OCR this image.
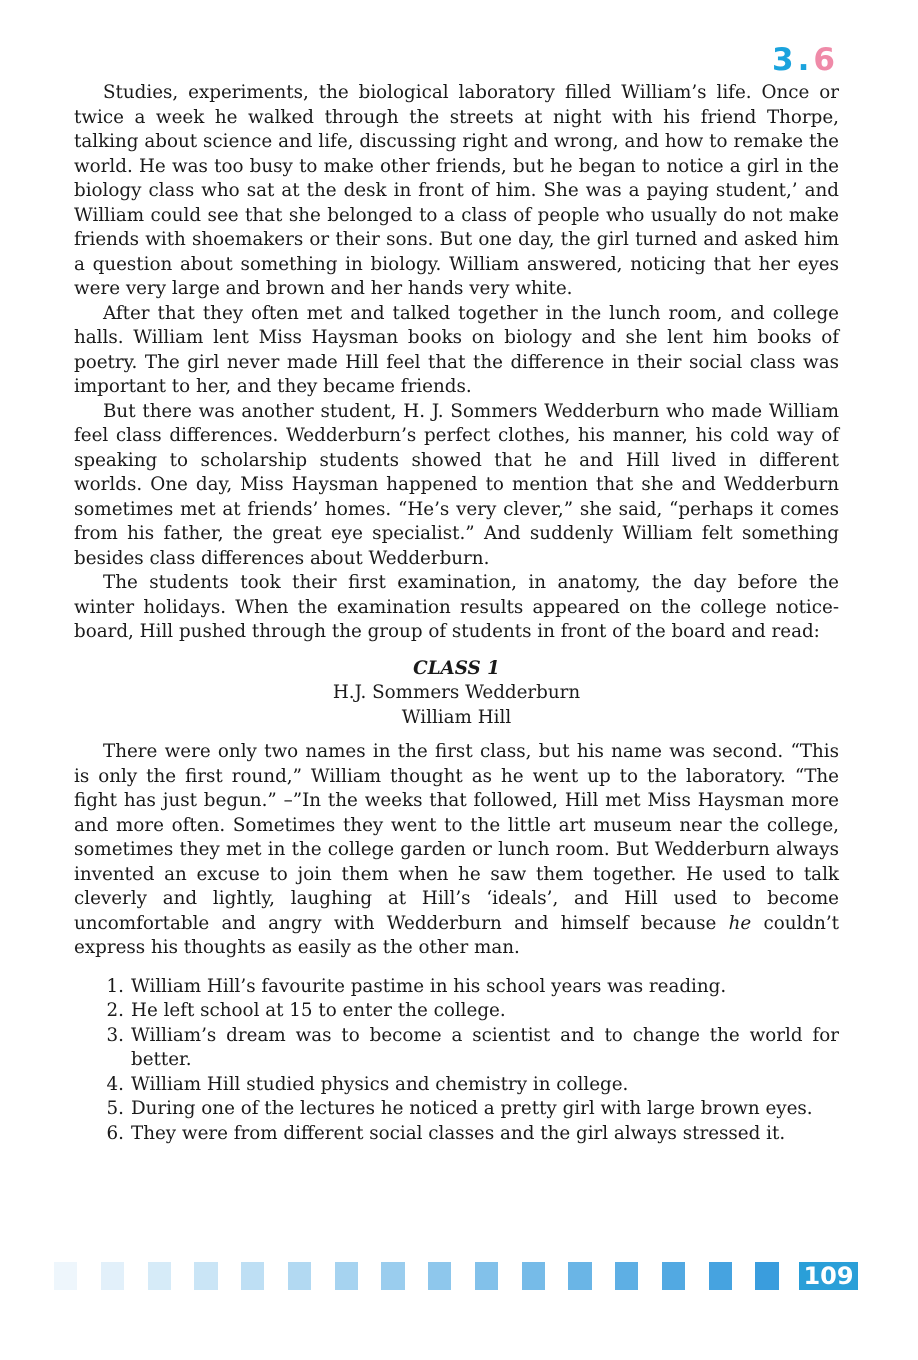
3.6

Studies, experiments, the biological laboratory filled William’s life. Once or twice a week he walked through the streets at night with his friend Thorpe, talking about science and life, discussing right and wrong, and how to remake the world. He was too busy to make other friends, but he began to notice a girl in the biology class who sat at the desk in front of him. She was a paying student,’ and William could see that she belonged to a class of people who usually do not make friends with shoemakers or their sons. But one day, the girl turned and asked him a question about something in biology. William answered, noticing that her eyes were very large and brown and her hands very white.

After that they often met and talked together in the lunch room, and college halls. William lent Miss Haysman books on biology and she lent him books of poetry. The girl never made Hill feel that the difference in their social class was important to her, and they became friends.

But there was another student, H. J. Sommers Wedderburn who made William feel class differences. Wedderburn’s perfect clothes, his manner, his cold way of speaking to scholarship students showed that he and Hill lived in different worlds. One day, Miss Haysman happened to mention that she and Wedderburn sometimes met at friends’ homes. “He’s very clever,” she said, “perhaps it comes from his father, the great eye specialist.” And suddenly William felt something besides class differences about Wedderburn.

The students took their first examination, in anatomy, the day before the winter holidays. When the examination results appeared on the college notice-board, Hill pushed through the group of students in front of the board and read:

CLASS 1
H.J. Sommers Wedderburn
William Hill

There were only two names in the first class, but his name was second. “This is only the first round,” William thought as he went up to the laboratory. “The fight has just begun.” –”In the weeks that followed, Hill met Miss Haysman more and more often. Sometimes they went to the little art museum near the college, sometimes they met in the college garden or lunch room. But Wedderburn always invented an excuse to join them when he saw them together. He used to talk cleverly and lightly, laughing at Hill’s ‘ideals’, and Hill used to become uncomfortable and angry with Wedderburn and himself because he couldn’t express his thoughts as easily as the other man.

1. William Hill’s favourite pastime in his school years was reading.
2. He left school at 15 to enter the college.
3. William’s dream was to become a scientist and to change the world for better.
4. William Hill studied physics and chemistry in college.
5. During one of the lectures he noticed a pretty girl with large brown eyes.
6. They were from different social classes and the girl always stressed it.
109
